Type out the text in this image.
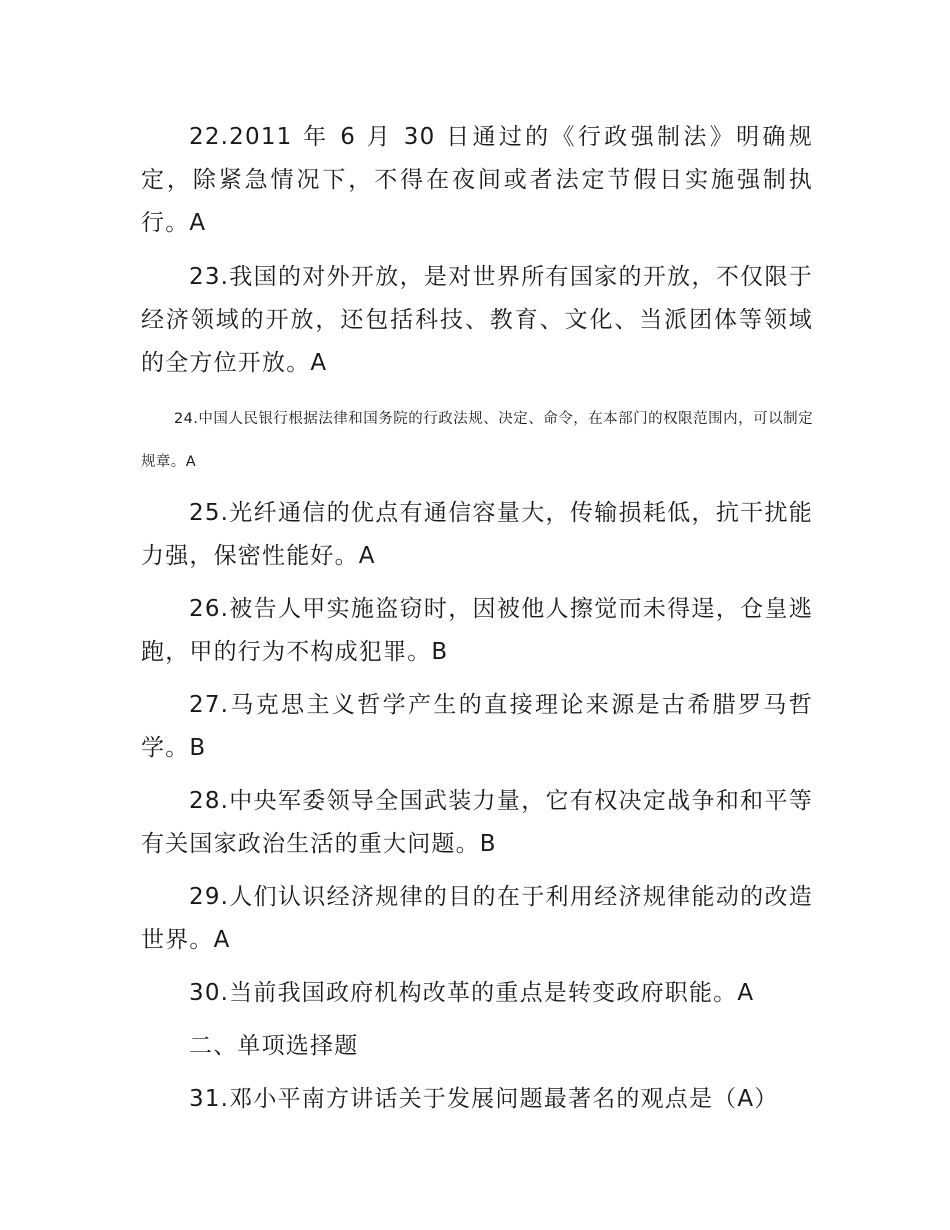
22.2011 年 6 月 30 日通过的《行政强制法》明确规定，除紧急情况下，不得在夜间或者法定节假日实施强制执行。A

23.我国的对外开放，是对世界所有国家的开放，不仅限于经济领域的开放，还包括科技、教育、文化、当派团体等领域的全方位开放。A

24.中国人民银行根据法律和国务院的行政法规、决定、命令，在本部门的权限范围内，可以制定规章。A

25.光纤通信的优点有通信容量大，传输损耗低，抗干扰能力强，保密性能好。A

26.被告人甲实施盗窃时，因被他人擦觉而未得逞，仓皇逃跑，甲的行为不构成犯罪。B

27.马克思主义哲学产生的直接理论来源是古希腊罗马哲学。B

28.中央军委领导全国武装力量，它有权决定战争和和平等有关国家政治生活的重大问题。B

29.人们认识经济规律的目的在于利用经济规律能动的改造世界。A

30.当前我国政府机构改革的重点是转变政府职能。A

二、单项选择题

31.邓小平南方讲话关于发展问题最著名的观点是（A）
